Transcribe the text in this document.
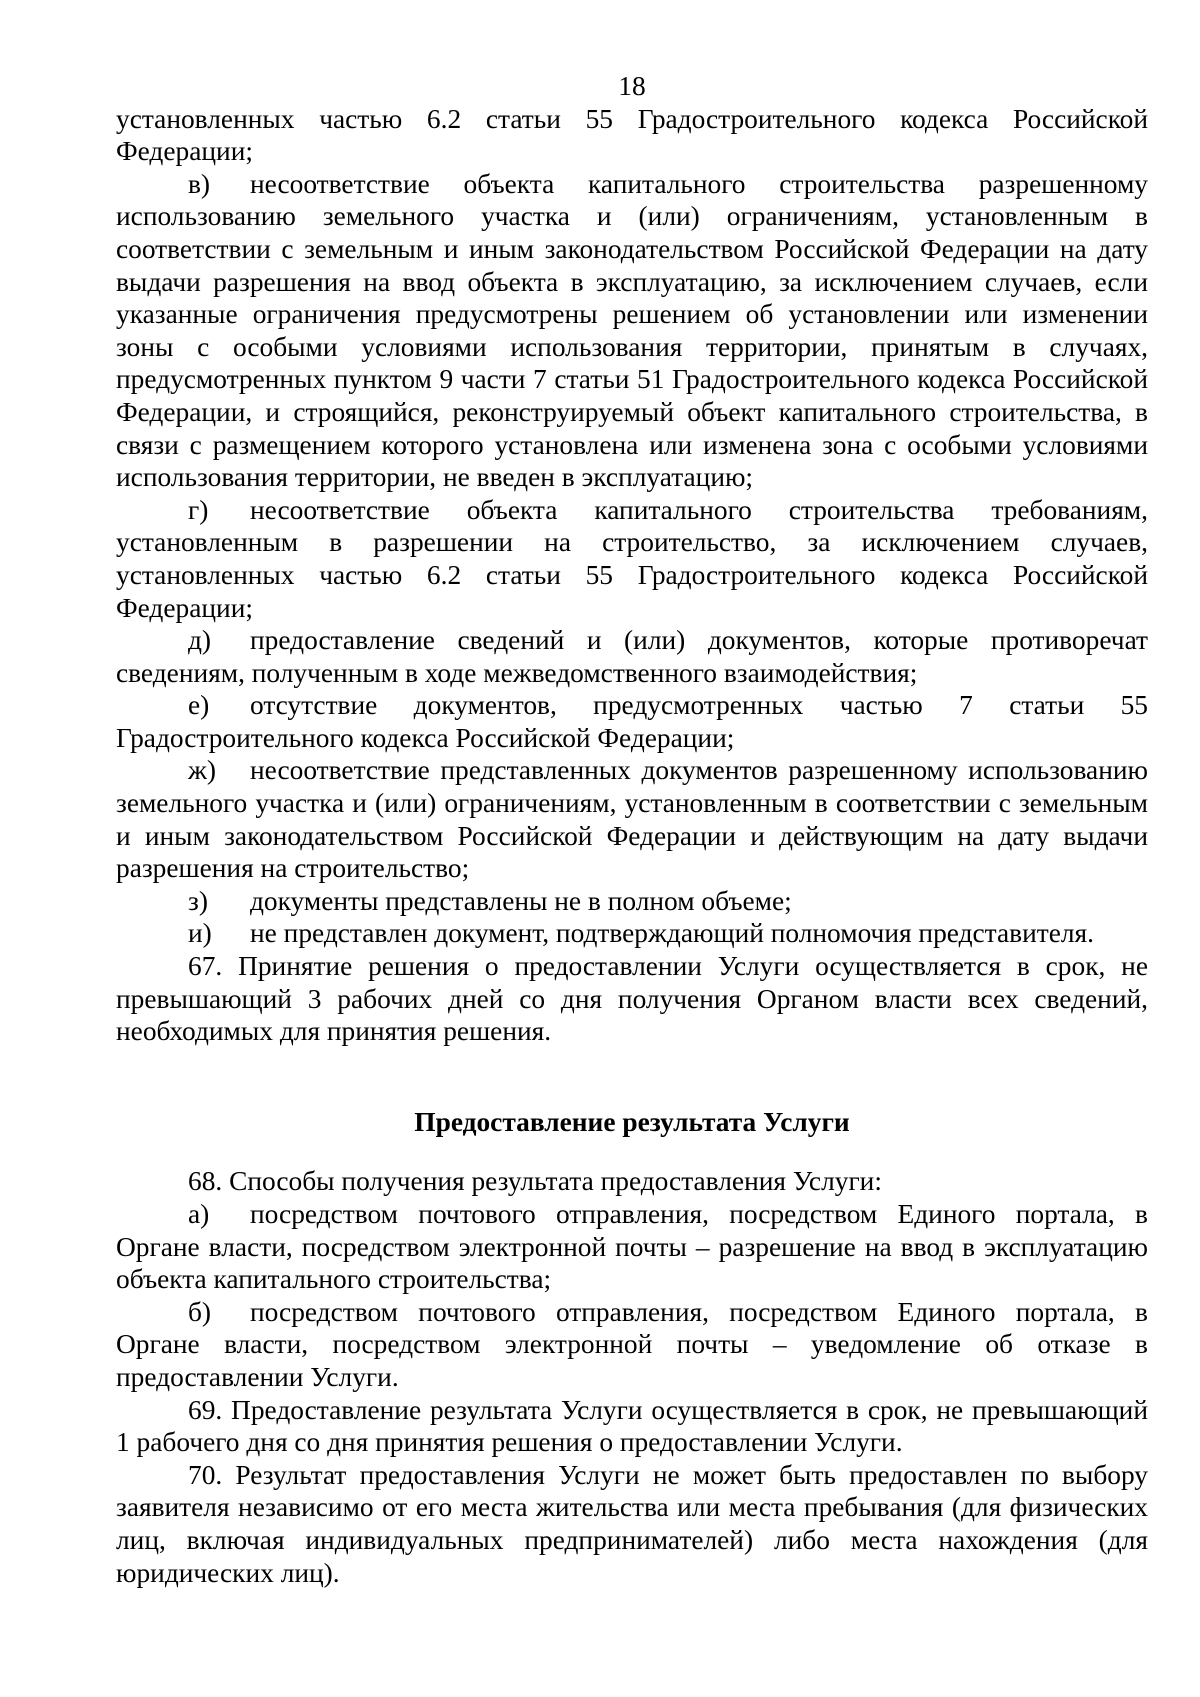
18

установленных частью 6.2 статьи 55 Градостроительного кодекса Российской Федерации;

в) несоответствие объекта капитального строительства разрешенному использованию земельного участка и (или) ограничениям, установленным в соответствии с земельным и иным законодательством Российской Федерации на дату выдачи разрешения на ввод объекта в эксплуатацию, за исключением случаев, если указанные ограничения предусмотрены решением об установлении или изменении зоны с особыми условиями использования территории, принятым в случаях, предусмотренных пунктом 9 части 7 статьи 51 Градостроительного кодекса Российской Федерации, и строящийся, реконструируемый объект капитального строительства, в связи с размещением которого установлена или изменена зона с особыми условиями использования территории, не введен в эксплуатацию;

г) несоответствие объекта капитального строительства требованиям, установленным в разрешении на строительство, за исключением случаев, установленных частью 6.2 статьи 55 Градостроительного кодекса Российской Федерации;

д) предоставление сведений и (или) документов, которые противоречат сведениям, полученным в ходе межведомственного взаимодействия;

е) отсутствие документов, предусмотренных частью 7 статьи 55 Градостроительного кодекса Российской Федерации;

ж) несоответствие представленных документов разрешенному использованию земельного участка и (или) ограничениям, установленным в соответствии с земельным и иным законодательством Российской Федерации и действующим на дату выдачи разрешения на строительство;

з) документы представлены не в полном объеме;

и) не представлен документ, подтверждающий полномочия представителя.

67. Принятие решения о предоставлении Услуги осуществляется в срок, не превышающий 3 рабочих дней со дня получения Органом власти всех сведений, необходимых для принятия решения.

Предоставление результата Услуги

68. Способы получения результата предоставления Услуги:

а) посредством почтового отправления, посредством Единого портала, в Органе власти, посредством электронной почты – разрешение на ввод в эксплуатацию объекта капитального строительства;

б) посредством почтового отправления, посредством Единого портала, в Органе власти, посредством электронной почты – уведомление об отказе в предоставлении Услуги.

69. Предоставление результата Услуги осуществляется в срок, не превышающий 1 рабочего дня со дня принятия решения о предоставлении Услуги.

70. Результат предоставления Услуги не может быть предоставлен по выбору заявителя независимо от его места жительства или места пребывания (для физических лиц, включая индивидуальных предпринимателей) либо места нахождения (для юридических лиц).
